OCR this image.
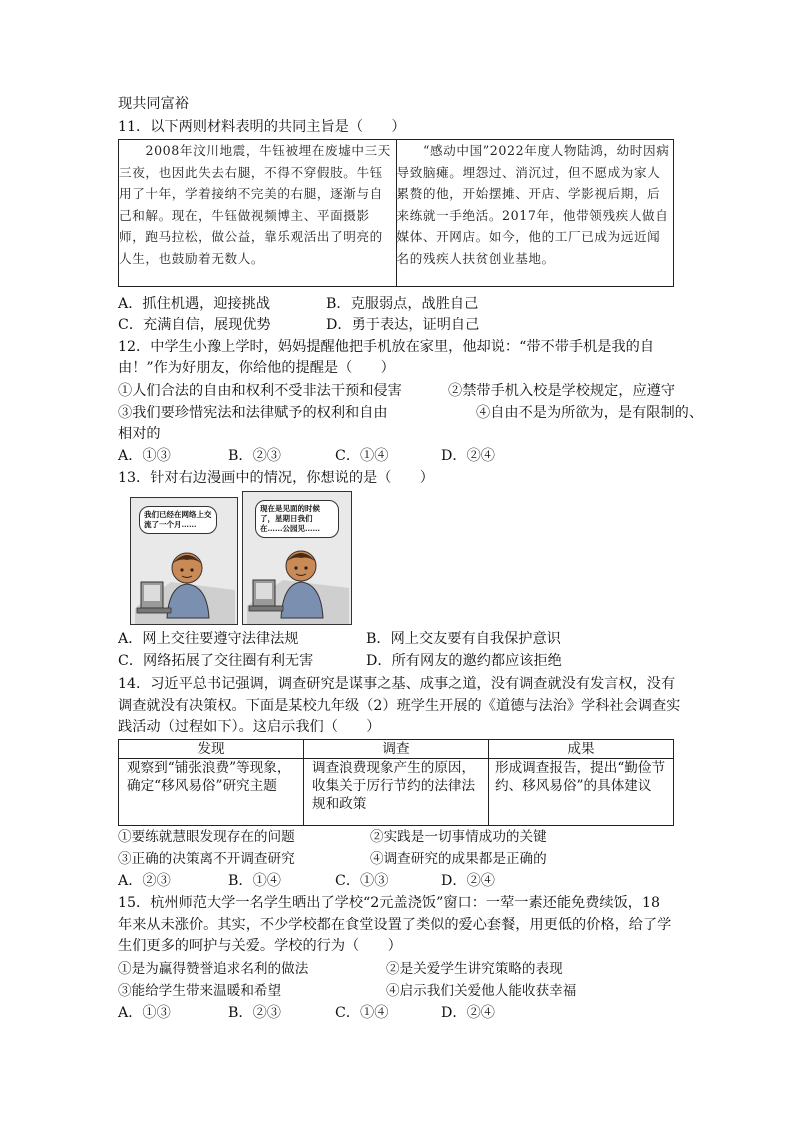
现共同富裕
11．以下两则材料表明的共同主旨是（　　）
2008年汶川地震，牛钰被埋在废墟中三天三夜，也因此失去右腿，不得不穿假肢。牛钰用了十年，学着接纳不完美的右腿，逐渐与自己和解。现在，牛钰做视频博主、平面摄影师，跑马拉松，做公益，靠乐观活出了明亮的人生，也鼓励着无数人。

“感动中国”2022年度人物陆鸿，幼时因病导致脑瘫。埋怨过、消沉过，但不愿成为家人累赘的他，开始摆摊、开店、学影视后期，后来练就一手绝活。2017年，他带领残疾人做自媒体、开网店。如今，他的工厂已成为远近闻名的残疾人扶贫创业基地。
A．抓住机遇，迎接挑战	B．克服弱点，战胜自己
C．充满自信，展现优势	D．勇于表达，证明自己
12．中学生小豫上学时，妈妈提醒他把手机放在家里，他却说：“带不带手机是我的自
由！”作为好朋友，你给他的提醒是（　　）
①人们合法的自由和权利不受非法干预和侵害	②禁带手机入校是学校规定，应遵守
③我们要珍惜宪法和法律赋予的权利和自由	④自由不是为所欲为，是有限制的、
相对的
A．①③	B．②③	C．①④	D．②④
13．针对右边漫画中的情况，你想说的是（　　）
我们已经在网络上交流了一个月……
现在是见面的时候了，星期日我们在……公园见……
A．网上交往要遵守法律法规	B．网上交友要有自我保护意识
C．网络拓展了交往圈有利无害	D．所有网友的邀约都应该拒绝
14．习近平总书记强调，调查研究是谋事之基、成事之道，没有调查就没有发言权，没有
调查就没有决策权。下面是某校九年级（2）班学生开展的《道德与法治》学科社会调查实
践活动（过程如下）。这启示我们（　　）
发现	调查	成果
观察到“铺张浪费”等现象，确定“移风易俗”研究主题	调查浪费现象产生的原因，收集关于厉行节约的法律法规和政策	形成调查报告，提出“勤俭节约、移风易俗”的具体建议
①要练就慧眼发现存在的问题	②实践是一切事情成功的关键
③正确的决策离不开调查研究	④调查研究的成果都是正确的
A．②③	B．①④	C．①③	D．②④
15．杭州师范大学一名学生晒出了学校“2元盖浇饭”窗口：一荤一素还能免费续饭，18
年来从未涨价。其实，不少学校都在食堂设置了类似的爱心套餐，用更低的价格，给了学
生们更多的呵护与关爱。学校的行为（　　）
①是为赢得赞誉追求名利的做法	②是关爱学生讲究策略的表现
③能给学生带来温暖和希望	④启示我们关爱他人能收获幸福
A．①③	B．②③	C．①④	D．②④
